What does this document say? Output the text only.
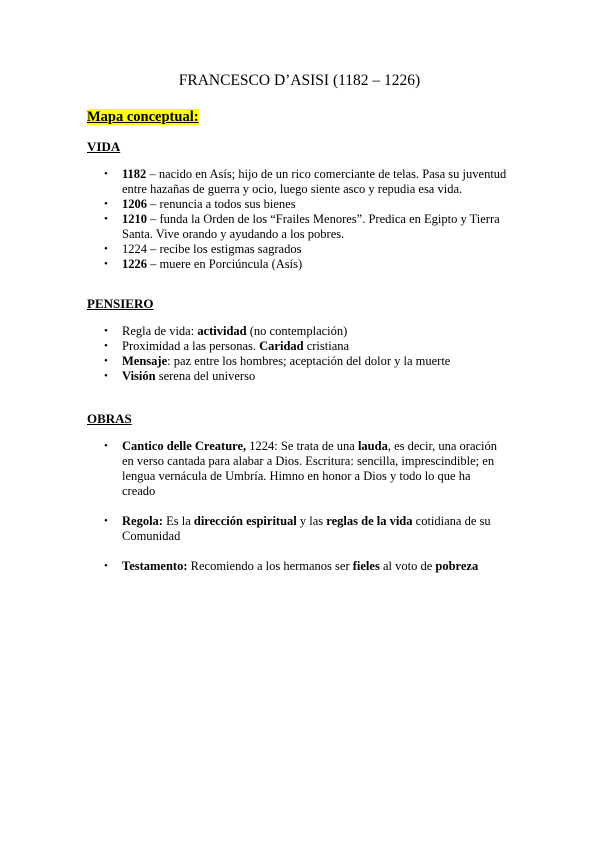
FRANCESCO D’ASISI (1182 – 1226)
Mapa conceptual:
VIDA
• 1182 – nacido en Asís; hijo de un rico comerciante de telas. Pasa su juventud entre hazañas de guerra y ocio, luego siente asco y repudia esa vida.
• 1206 – renuncia a todos sus bienes
• 1210 – funda la Orden de los “Frailes Menores”. Predica en Egipto y Tierra Santa. Vive orando y ayudando a los pobres.
• 1224 – recibe los estigmas sagrados
• 1226 – muere en Porciúncula (Asís)
PENSIERO
• Regla de vida: actividad (no contemplación)
• Proximidad a las personas. Caridad cristiana
• Mensaje: paz entre los hombres; aceptación del dolor y la muerte
• Visión serena del universo
OBRAS
• Cantico delle Creature, 1224: Se trata de una lauda, es decir, una oración en verso cantada para alabar a Dios. Escritura: sencilla, imprescindible; en lengua vernácula de Umbría. Himno en honor a Dios y todo lo que ha creado
• Regola: Es la dirección espiritual y las reglas de la vida cotidiana de su Comunidad
• Testamento: Recomiendo a los hermanos ser fieles al voto de pobreza
